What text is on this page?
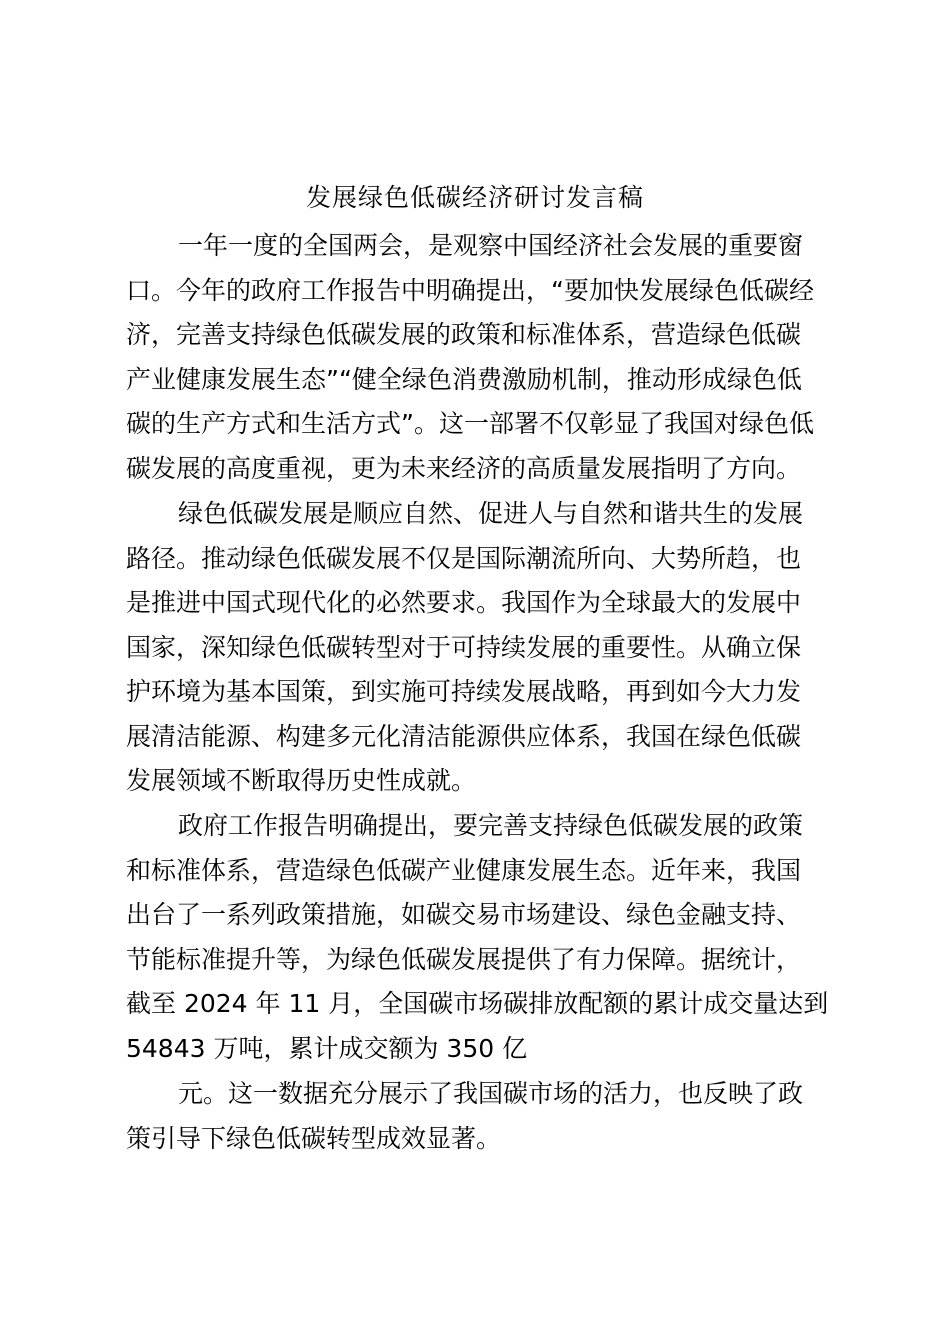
发展绿色低碳经济研讨发言稿

一年一度的全国两会，是观察中国经济社会发展的重要窗
口。今年的政府工作报告中明确提出，“要加快发展绿色低碳经
济，完善支持绿色低碳发展的政策和标准体系，营造绿色低碳
产业健康发展生态”“健全绿色消费激励机制，推动形成绿色低
碳的生产方式和生活方式”。这一部署不仅彰显了我国对绿色低
碳发展的高度重视，更为未来经济的高质量发展指明了方向。

绿色低碳发展是顺应自然、促进人与自然和谐共生的发展
路径。推动绿色低碳发展不仅是国际潮流所向、大势所趋，也
是推进中国式现代化的必然要求。我国作为全球最大的发展中
国家，深知绿色低碳转型对于可持续发展的重要性。从确立保
护环境为基本国策，到实施可持续发展战略，再到如今大力发
展清洁能源、构建多元化清洁能源供应体系，我国在绿色低碳
发展领域不断取得历史性成就。

政府工作报告明确提出，要完善支持绿色低碳发展的政策
和标准体系，营造绿色低碳产业健康发展生态。近年来，我国
出台了一系列政策措施，如碳交易市场建设、绿色金融支持、
节能标准提升等，为绿色低碳发展提供了有力保障。据统计，
截至 2024 年 11 月，全国碳市场碳排放配额的累计成交量达到
54843 万吨，累计成交额为 350 亿

元。这一数据充分展示了我国碳市场的活力，也反映了政
策引导下绿色低碳转型成效显著。
